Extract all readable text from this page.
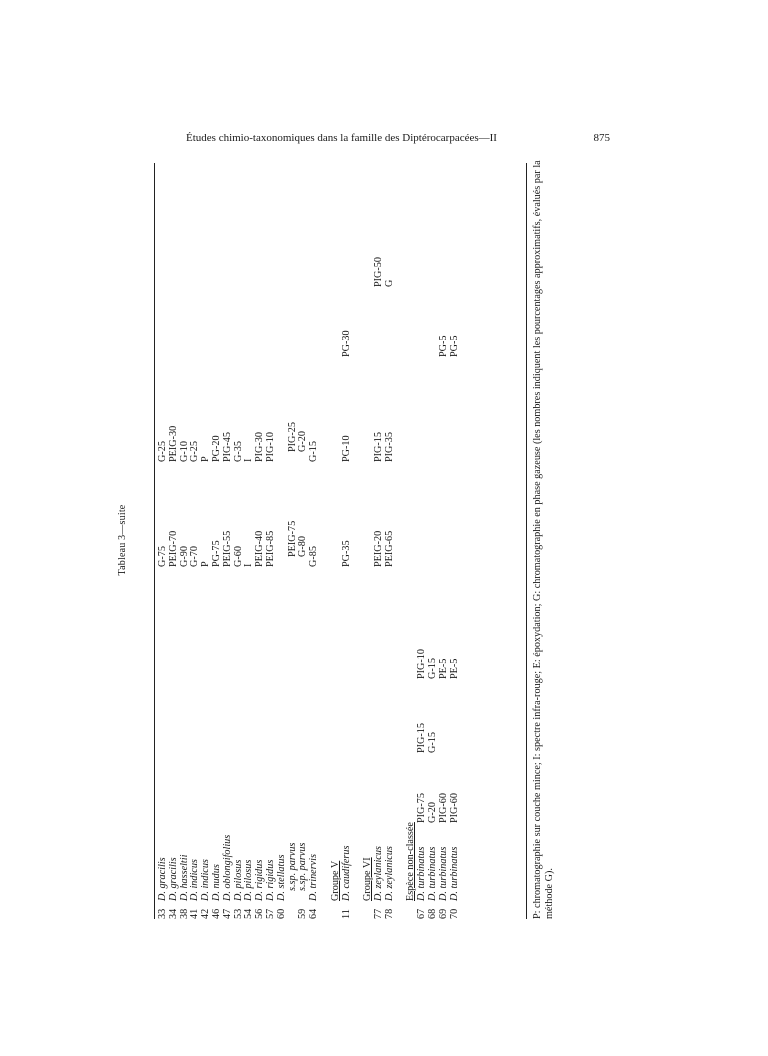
Études chimio-taxonomiques dans la famille des Diptérocarpacées—II	875
Tableau 3—suite
33
D. gracilis
G-75
G-25
34
D. gracilis
PEIG-70
PEIG-30
38
D. hasseltii
G-90
G-10
41
D. indicus
G-70
G-25
42
D. indicus
P
P
46
D. nudus
PG-75
PG-20
47
D. oblongifolius
PEIG-55
PIG-45
53
D. pilosus
G-60
G-35
54
D. pilosus
I
I
56
D. rigidus
PEIG-40
PIG-30
57
D. rigidus
PEIG-85
PIG-10
60
D. stellatus s.sp. parvus
PEIG-75
PIG-25
59
s.sp. parvus
G-80
G-20
64
D. trinervis
G-85
G-15
Groupe V
11
D. caudiferus
PG-35
PG-10
PG-30
Groupe VI
77
D. zeylanicus
PEIG-20
PIG-15
PIG-50
78
D. zeylanicus
PEIG-65
PIG-35
G
Espèce non-classée
67
D. turbinatus
PIG-75
PIG-15
PIG-10
68
D. turbinatus
G-20
G-15
G-15
69
D. turbinatus
PIG-60
PE-5
PG-5
70
D. turbinatus
PIG-60
PE-5
PG-5	P: chromatographie sur couche mince; I: spectre infra-rouge; E: époxydation; G: chromatographie en phase gazeuse (les nombres indiquent les pourcentages approximatifs, évalués par la méthode G).
